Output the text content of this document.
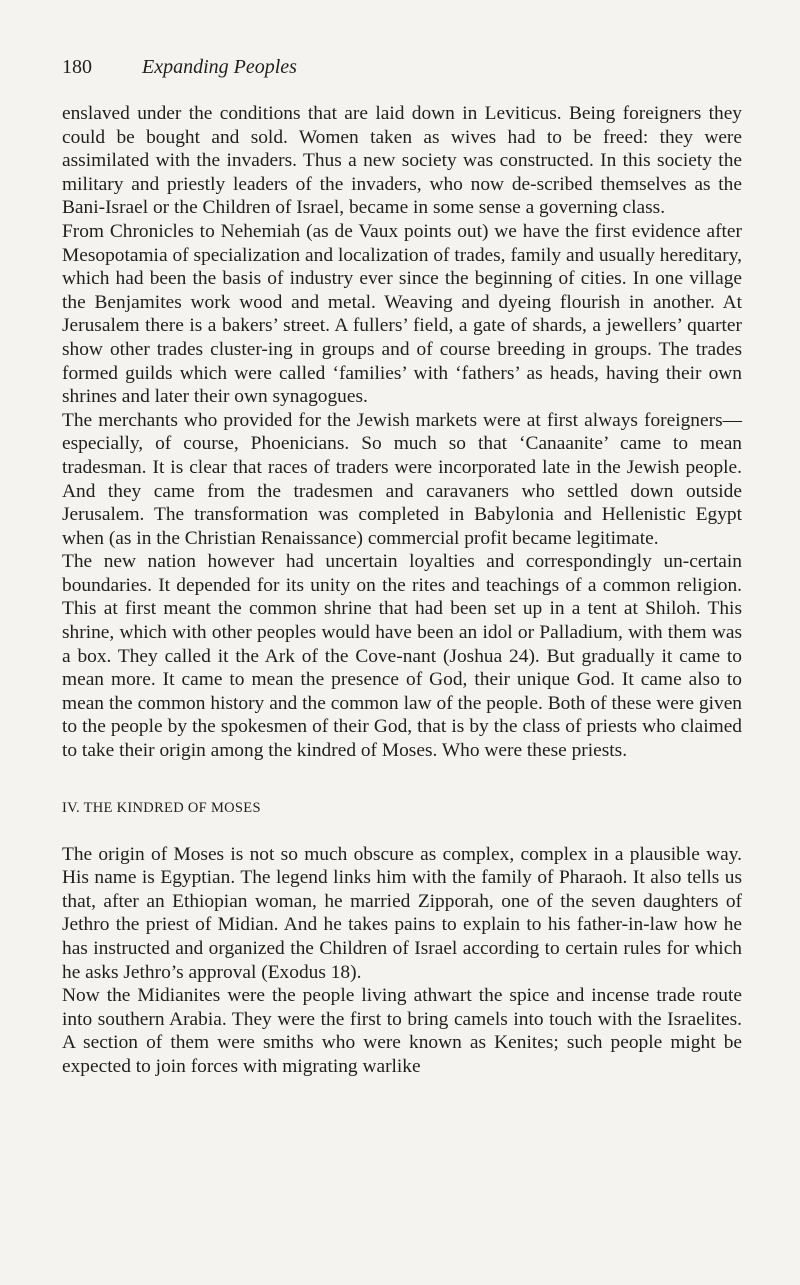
180	Expanding Peoples

enslaved under the conditions that are laid down in Leviticus. Being foreigners they could be bought and sold. Women taken as wives had to be freed: they were assimilated with the invaders. Thus a new society was constructed. In this society the military and priestly leaders of the invaders, who now de-scribed themselves as the Bani-Israel or the Children of Israel, became in some sense a governing class.

From Chronicles to Nehemiah (as de Vaux points out) we have the first evidence after Mesopotamia of specialization and localization of trades, family and usually hereditary, which had been the basis of industry ever since the beginning of cities. In one village the Benjamites work wood and metal. Weaving and dyeing flourish in another. At Jerusalem there is a bakers’ street. A fullers’ field, a gate of shards, a jewellers’ quarter show other trades cluster-ing in groups and of course breeding in groups. The trades formed guilds which were called ‘families’ with ‘fathers’ as heads, having their own shrines and later their own synagogues.

The merchants who provided for the Jewish markets were at first always foreigners—especially, of course, Phoenicians. So much so that ‘Canaanite’ came to mean tradesman. It is clear that races of traders were incorporated late in the Jewish people. And they came from the tradesmen and caravaners who settled down outside Jerusalem. The transformation was completed in Babylonia and Hellenistic Egypt when (as in the Christian Renaissance) commercial profit became legitimate.

The new nation however had uncertain loyalties and correspondingly un-certain boundaries. It depended for its unity on the rites and teachings of a common religion. This at first meant the common shrine that had been set up in a tent at Shiloh. This shrine, which with other peoples would have been an idol or Palladium, with them was a box. They called it the Ark of the Cove-nant (Joshua 24). But gradually it came to mean more. It came to mean the presence of God, their unique God. It came also to mean the common history and the common law of the people. Both of these were given to the people by the spokesmen of their God, that is by the class of priests who claimed to take their origin among the kindred of Moses. Who were these priests.

IV. THE KINDRED OF MOSES

The origin of Moses is not so much obscure as complex, complex in a plausible way. His name is Egyptian. The legend links him with the family of Pharaoh. It also tells us that, after an Ethiopian woman, he married Zipporah, one of the seven daughters of Jethro the priest of Midian. And he takes pains to explain to his father-in-law how he has instructed and organized the Children of Israel according to certain rules for which he asks Jethro’s approval (Exodus 18).

Now the Midianites were the people living athwart the spice and incense trade route into southern Arabia. They were the first to bring camels into touch with the Israelites. A section of them were smiths who were known as Kenites; such people might be expected to join forces with migrating warlike
